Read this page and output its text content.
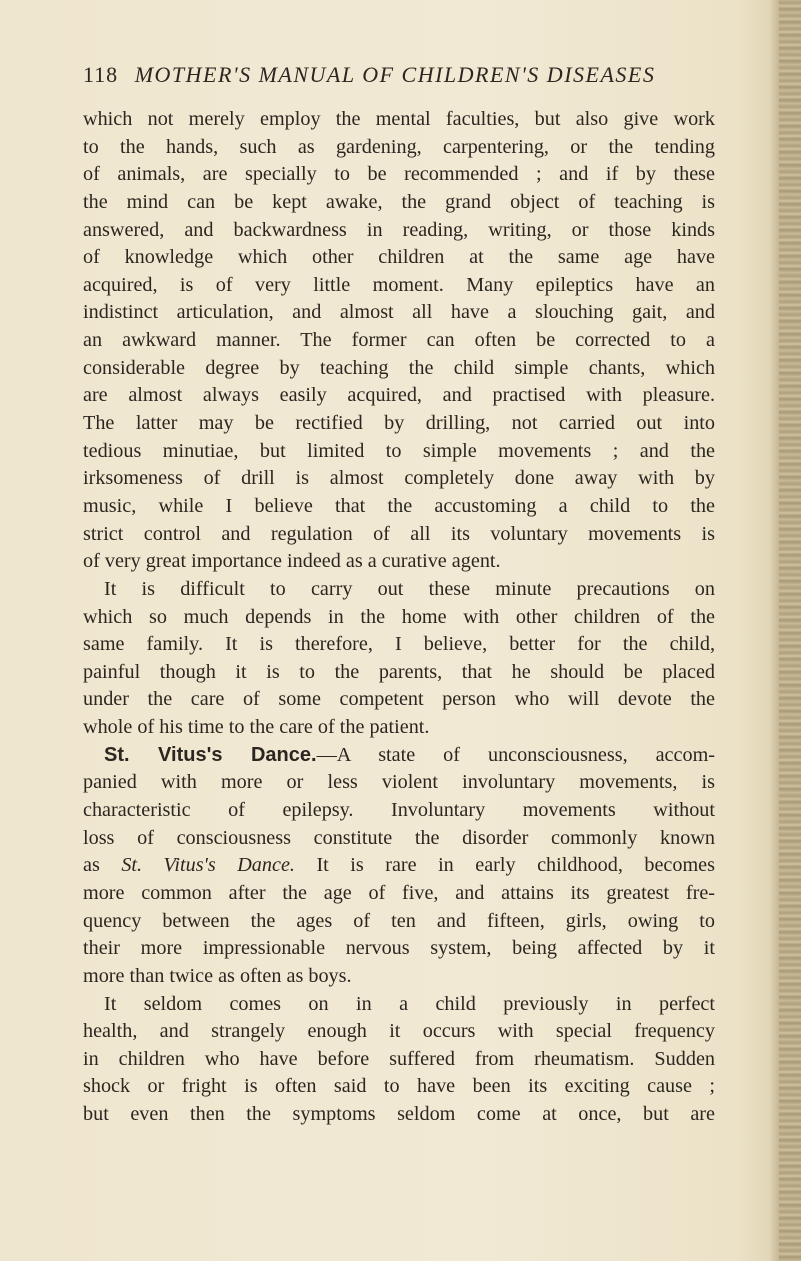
118 MOTHER'S MANUAL OF CHILDREN'S DISEASES
which not merely employ the mental faculties, but also give work
to the hands, such as gardening, carpentering, or the tending
of animals, are specially to be recommended ; and if by these
the mind can be kept awake, the grand object of teaching is
answered, and backwardness in reading, writing, or those kinds
of knowledge which other children at the same age have
acquired, is of very little moment. Many epileptics have an
indistinct articulation, and almost all have a slouching gait, and
an awkward manner. The former can often be corrected to a
considerable degree by teaching the child simple chants, which
are almost always easily acquired, and practised with pleasure.
The latter may be rectified by drilling, not carried out into
tedious minutiae, but limited to simple movements ; and the
irksomeness of drill is almost completely done away with by
music, while I believe that the accustoming a child to the
strict control and regulation of all its voluntary movements is
of very great importance indeed as a curative agent.
It is difficult to carry out these minute precautions on
which so much depends in the home with other children of the
same family. It is therefore, I believe, better for the child,
painful though it is to the parents, that he should be placed
under the care of some competent person who will devote the
whole of his time to the care of the patient.
St. Vitus's Dance.—A state of unconsciousness, accom-
panied with more or less violent involuntary movements, is
characteristic of epilepsy. Involuntary movements without
loss of consciousness constitute the disorder commonly known
as St. Vitus's Dance. It is rare in early childhood, becomes
more common after the age of five, and attains its greatest fre-
quency between the ages of ten and fifteen, girls, owing to
their more impressionable nervous system, being affected by it
more than twice as often as boys.
It seldom comes on in a child previously in perfect
health, and strangely enough it occurs with special frequency
in children who have before suffered from rheumatism. Sudden
shock or fright is often said to have been its exciting cause ;
but even then the symptoms seldom come at once, but are
